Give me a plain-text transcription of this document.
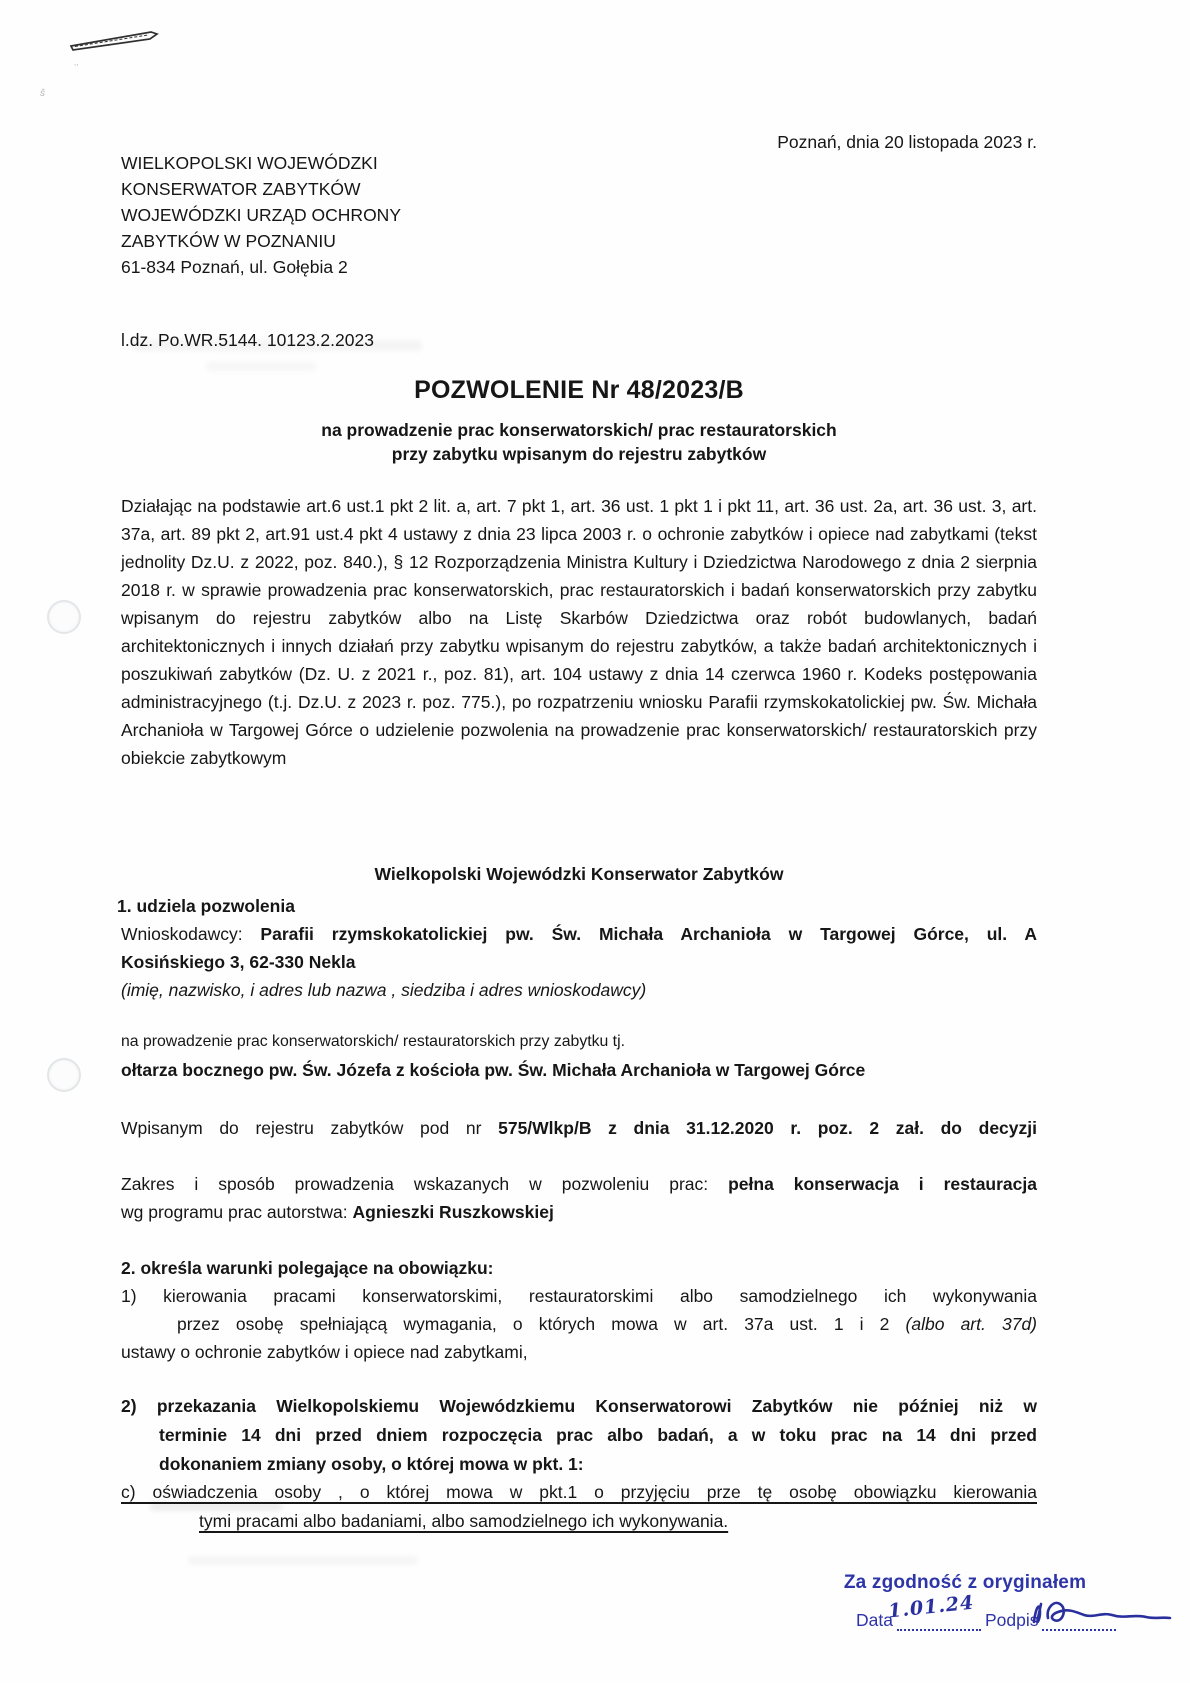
ŝ
,,
Poznań, dnia 20 listopada 2023 r.
WIELKOPOLSKI WOJEWÓDZKI
KONSERWATOR ZABYTKÓW
WOJEWÓDZKI URZĄD OCHRONY
ZABYTKÓW W POZNANIU
61-834 Poznań, ul. Gołębia 2
l.dz. Po.WR.5144. 10123.2.2023
POZWOLENIE Nr 48/2023/B
na prowadzenie prac konserwatorskich/ prac restauratorskich
przy zabytku wpisanym do rejestru zabytków
Działając na podstawie art.6 ust.1 pkt 2 lit. a, art. 7 pkt 1, art. 36 ust. 1 pkt 1 i pkt 11, art. 36 ust. 2a, art. 36 ust. 3, art. 37a, art. 89 pkt 2, art.91 ust.4 pkt 4 ustawy z dnia 23 lipca 2003 r. o ochronie zabytków i opiece nad zabytkami (tekst jednolity Dz.U. z 2022, poz. 840.), § 12 Rozporządzenia Ministra Kultury i Dziedzictwa Narodowego z dnia 2 sierpnia 2018 r. w sprawie prowadzenia prac konserwatorskich, prac restauratorskich i badań konserwatorskich przy zabytku wpisanym do rejestru zabytków albo na Listę Skarbów Dziedzictwa oraz robót budowlanych, badań architektonicznych i innych działań przy zabytku wpisanym do rejestru zabytków, a także badań architektonicznych i poszukiwań zabytków (Dz. U. z 2021 r., poz. 81), art. 104 ustawy z dnia 14 czerwca 1960 r. Kodeks postępowania administracyjnego (t.j. Dz.U. z 2023 r. poz. 775.), po rozpatrzeniu wniosku Parafii rzymskokatolickiej pw. Św. Michała Archanioła w Targowej Górce o udzielenie pozwolenia na prowadzenie prac konserwatorskich/ restauratorskich przy obiekcie zabytkowym
Wielkopolski Wojewódzki Konserwator Zabytków
1. udziela pozwolenia
Wnioskodawcy: Parafii rzymskokatolickiej pw. Św. Michała Archanioła w Targowej Górce, ul. A
Kosińskiego 3, 62-330 Nekla
(imię, nazwisko, i adres lub nazwa , siedziba i adres wnioskodawcy)
na prowadzenie prac konserwatorskich/ restauratorskich przy zabytku tj.
ołtarza bocznego pw. Św. Józefa z kościoła pw. Św. Michała Archanioła w Targowej Górce
Wpisanym do rejestru zabytków pod nr 575/Wlkp/B z dnia 31.12.2020 r. poz. 2 zał. do decyzji
Zakres i sposób prowadzenia wskazanych w pozwoleniu prac: pełna konserwacja i restauracja
wg programu prac autorstwa: Agnieszki Ruszkowskiej
2. określa warunki polegające na obowiązku:
1) kierowania pracami konserwatorskimi, restauratorskimi albo samodzielnego ich wykonywania
przez osobę spełniającą wymagania, o których mowa w art. 37a ust. 1 i 2 (albo art. 37d)
ustawy o ochronie zabytków i opiece nad zabytkami,
2) przekazania Wielkopolskiemu Wojewódzkiemu Konserwatorowi Zabytków nie później niż w
terminie 14 dni przed dniem rozpoczęcia prac albo badań, a w toku prac na 14 dni przed
dokonaniem zmiany osoby, o której mowa w pkt. 1:
c) oświadczenia osoby , o której mowa w pkt.1 o przyjęciu prze tę osobę obowiązku kierowania
tymi pracami albo badaniami, albo samodzielnego ich wykonywania.
Za zgodność z oryginałem
Data	Podpis
1.01.24
